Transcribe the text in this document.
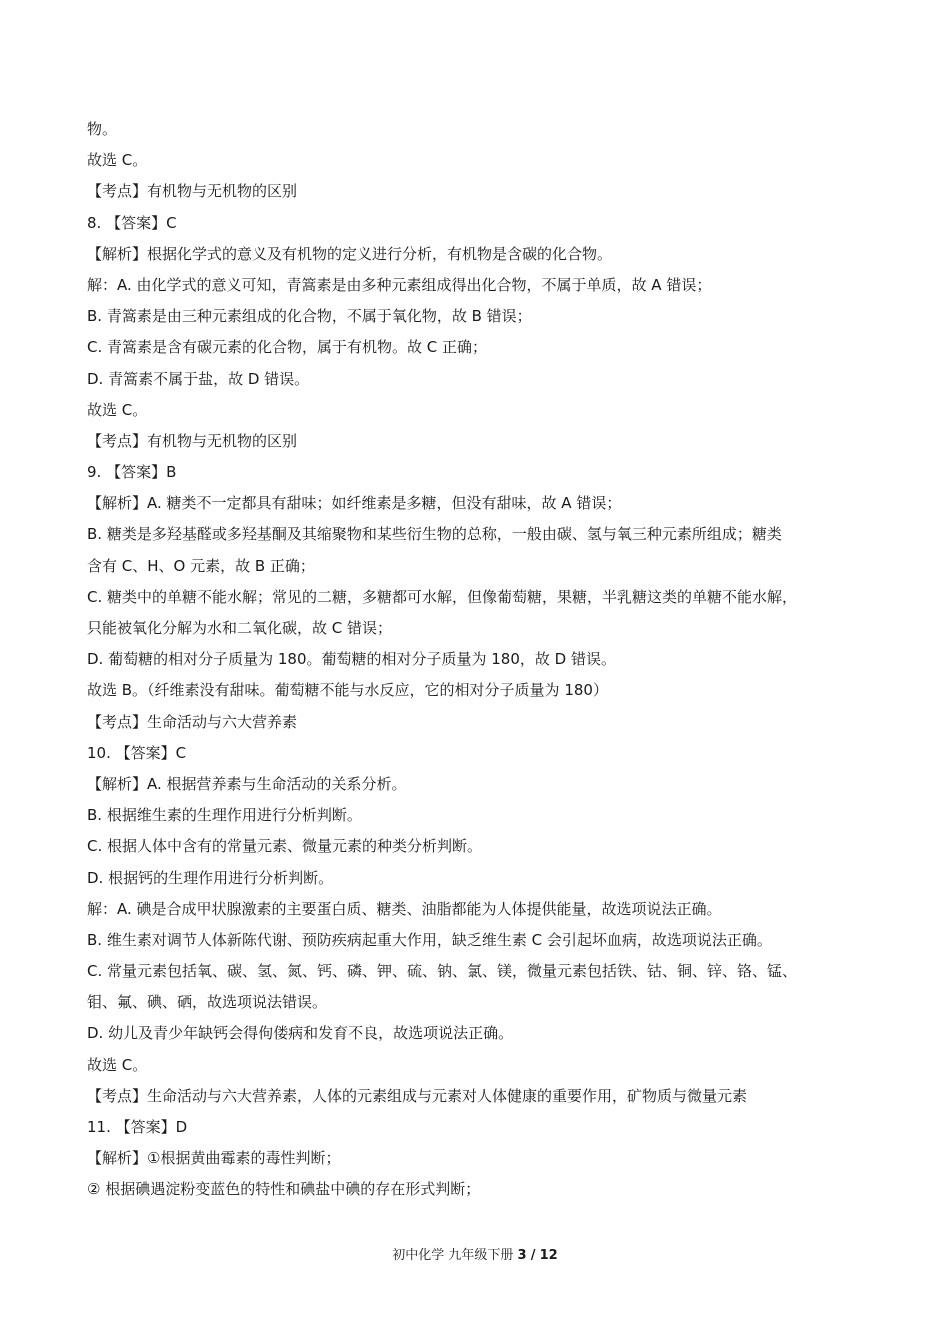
物。
故选 C。
【考点】有机物与无机物的区别
8. 【答案】C
【解析】根据化学式的意义及有机物的定义进行分析，有机物是含碳的化合物。
解：A. 由化学式的意义可知，青篙素是由多种元素组成得出化合物，不属于单质，故 A 错误；
B. 青篙素是由三种元素组成的化合物，不属于氧化物，故 B 错误；
C. 青篙素是含有碳元素的化合物，属于有机物。故 C 正确；
D. 青篙素不属于盐，故 D 错误。
故选 C。
【考点】有机物与无机物的区别
9. 【答案】B
【解析】A. 糖类不一定都具有甜味；如纤维素是多糖，但没有甜味，故 A 错误；
B. 糖类是多羟基醛或多羟基酮及其缩聚物和某些衍生物的总称，一般由碳、氢与氧三种元素所组成；糖类
含有 C、H、O 元素，故 B 正确；
C. 糖类中的单糖不能水解；常见的二糖，多糖都可水解，但像葡萄糖，果糖，半乳糖这类的单糖不能水解，
只能被氧化分解为水和二氧化碳，故 C 错误；
D. 葡萄糖的相对分子质量为 180。葡萄糖的相对分子质量为 180，故 D 错误。
故选 B。（纤维素没有甜味。葡萄糖不能与水反应，它的相对分子质量为 180）
【考点】生命活动与六大营养素
10. 【答案】C
【解析】A. 根据营养素与生命活动的关系分析。
B. 根据维生素的生理作用进行分析判断。
C. 根据人体中含有的常量元素、微量元素的种类分析判断。
D. 根据钙的生理作用进行分析判断。
解：A. 碘是合成甲状腺激素的主要蛋白质、糖类、油脂都能为人体提供能量，故选项说法正确。
B. 维生素对调节人体新陈代谢、预防疾病起重大作用，缺乏维生素 C 会引起坏血病，故选项说法正确。
C. 常量元素包括氧、碳、氢、氮、钙、磷、钾、硫、钠、氯、镁，微量元素包括铁、钴、铜、锌、铬、锰、
钼、氟、碘、硒，故选项说法错误。
D. 幼儿及青少年缺钙会得佝偻病和发育不良，故选项说法正确。
故选 C。
【考点】生命活动与六大营养素，人体的元素组成与元素对人体健康的重要作用，矿物质与微量元素
11. 【答案】D
【解析】①根据黄曲霉素的毒性判断；
② 根据碘遇淀粉变蓝色的特性和碘盐中碘的存在形式判断；
初中化学 九年级下册 3 / 12
